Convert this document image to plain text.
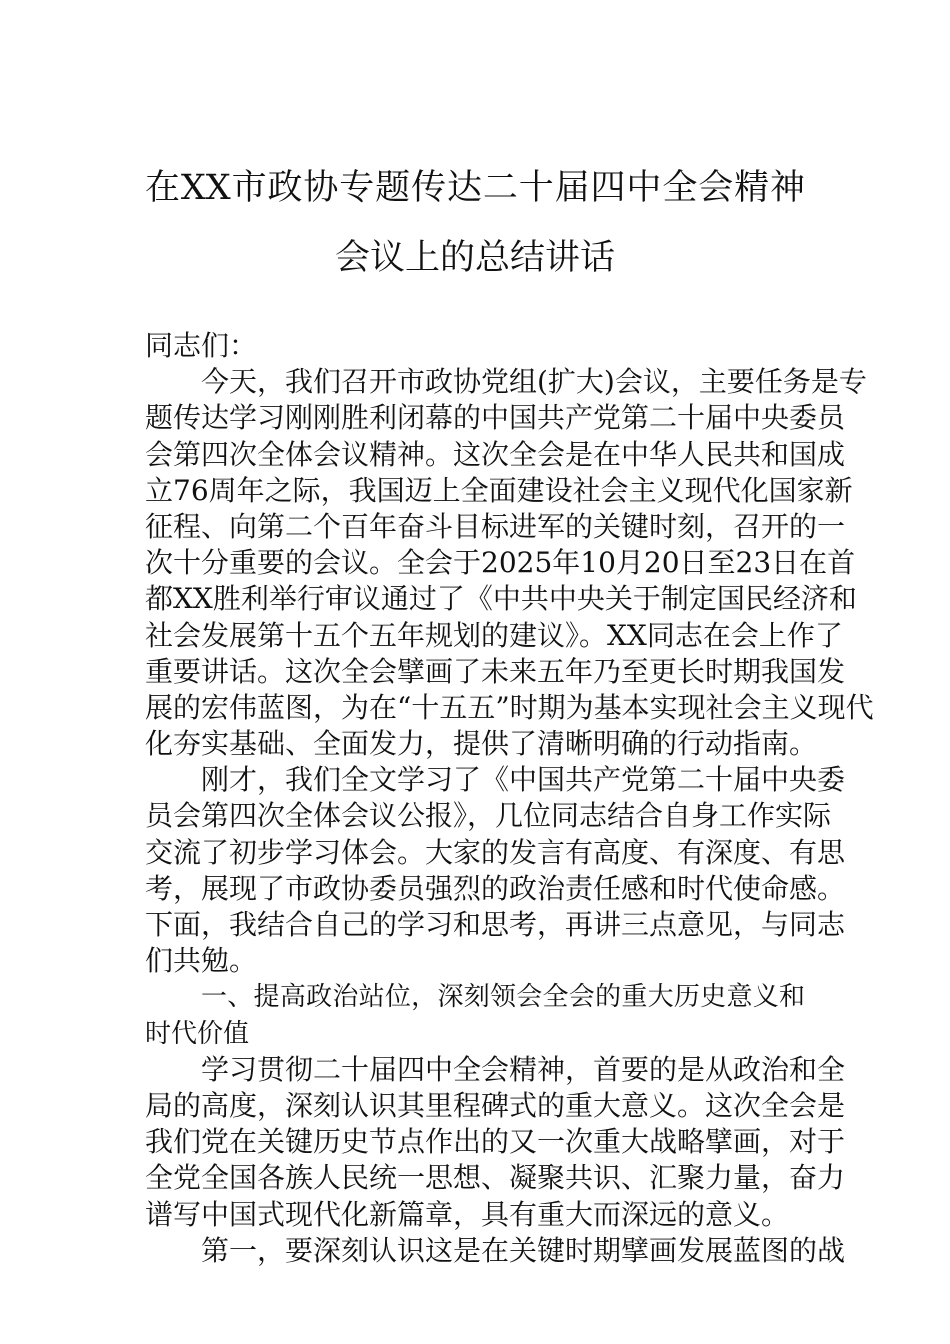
在XX市政协专题传达二十届四中全会精神
会议上的总结讲话
同志们：
今天，我们召开市政协党组(扩大)会议，主要任务是专
题传达学习刚刚胜利闭幕的中国共产党第二十届中央委员
会第四次全体会议精神。这次全会是在中华人民共和国成
立76周年之际，我国迈上全面建设社会主义现代化国家新
征程、向第二个百年奋斗目标进军的关键时刻，召开的一
次十分重要的会议。全会于2025年10月20日至23日在首
都XX胜利举行审议通过了《中共中央关于制定国民经济和
社会发展第十五个五年规划的建议》。XX同志在会上作了
重要讲话。这次全会擘画了未来五年乃至更长时期我国发
展的宏伟蓝图，为在“十五五”时期为基本实现社会主义现代
化夯实基础、全面发力，提供了清晰明确的行动指南。
刚才，我们全文学习了《中国共产党第二十届中央委
员会第四次全体会议公报》，几位同志结合自身工作实际
交流了初步学习体会。大家的发言有高度、有深度、有思
考，展现了市政协委员强烈的政治责任感和时代使命感。
下面，我结合自己的学习和思考，再讲三点意见，与同志
们共勉。
一、提高政治站位，深刻领会全会的重大历史意义和
时代价值
学习贯彻二十届四中全会精神，首要的是从政治和全
局的高度，深刻认识其里程碑式的重大意义。这次全会是
我们党在关键历史节点作出的又一次重大战略擘画，对于
全党全国各族人民统一思想、凝聚共识、汇聚力量，奋力
谱写中国式现代化新篇章，具有重大而深远的意义。
第一，要深刻认识这是在关键时期擘画发展蓝图的战
